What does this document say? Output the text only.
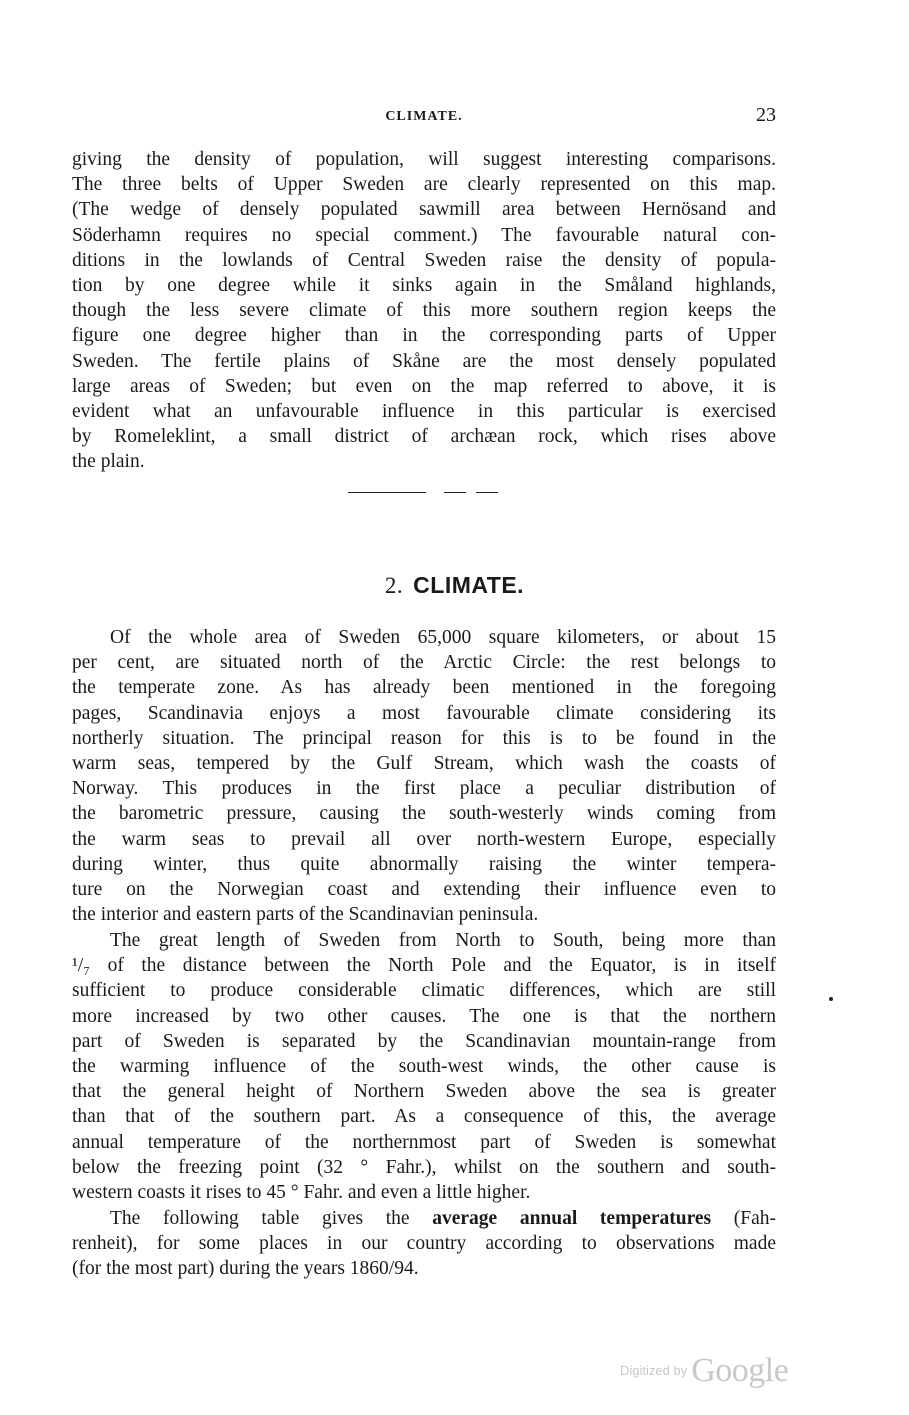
CLIMATE.	23
giving the density of population, will suggest interesting comparisons.
The three belts of Upper Sweden are clearly represented on this map.
(The wedge of densely populated sawmill area between Hernösand and
Söderhamn requires no special comment.) The favourable natural con-
ditions in the lowlands of Central Sweden raise the density of popula-
tion by one degree while it sinks again in the Småland highlands,
though the less severe climate of this more southern region keeps the
figure one degree higher than in the corresponding parts of Upper
Sweden. The fertile plains of Skåne are the most densely populated
large areas of Sweden; but even on the map referred to above, it is
evident what an unfavourable influence in this particular is exercised
by Romeleklint, a small district of archæan rock, which rises above
the plain.
2. CLIMATE.
Of the whole area of Sweden 65,000 square kilometers, or about 15
per cent, are situated north of the Arctic Circle: the rest belongs to
the temperate zone. As has already been mentioned in the foregoing
pages, Scandinavia enjoys a most favourable climate considering its
northerly situation. The principal reason for this is to be found in the
warm seas, tempered by the Gulf Stream, which wash the coasts of
Norway. This produces in the first place a peculiar distribution of
the barometric pressure, causing the south-westerly winds coming from
the warm seas to prevail all over north-western Europe, especially
during winter, thus quite abnormally raising the winter tempera-
ture on the Norwegian coast and extending their influence even to
the interior and eastern parts of the Scandinavian peninsula.
The great length of Sweden from North to South, being more than
¹/₇ of the distance between the North Pole and the Equator, is in itself
sufficient to produce considerable climatic differences, which are still
more increased by two other causes. The one is that the northern
part of Sweden is separated by the Scandinavian mountain-range from
the warming influence of the south-west winds, the other cause is
that the general height of Northern Sweden above the sea is greater
than that of the southern part. As a consequence of this, the average
annual temperature of the northernmost part of Sweden is somewhat
below the freezing point (32 ° Fahr.), whilst on the southern and south-
western coasts it rises to 45 ° Fahr. and even a little higher.
The following table gives the average annual temperatures (Fah-
renheit), for some places in our country according to observations made
(for the most part) during the years 1860/94.
$^{Digitized by}$ Google
